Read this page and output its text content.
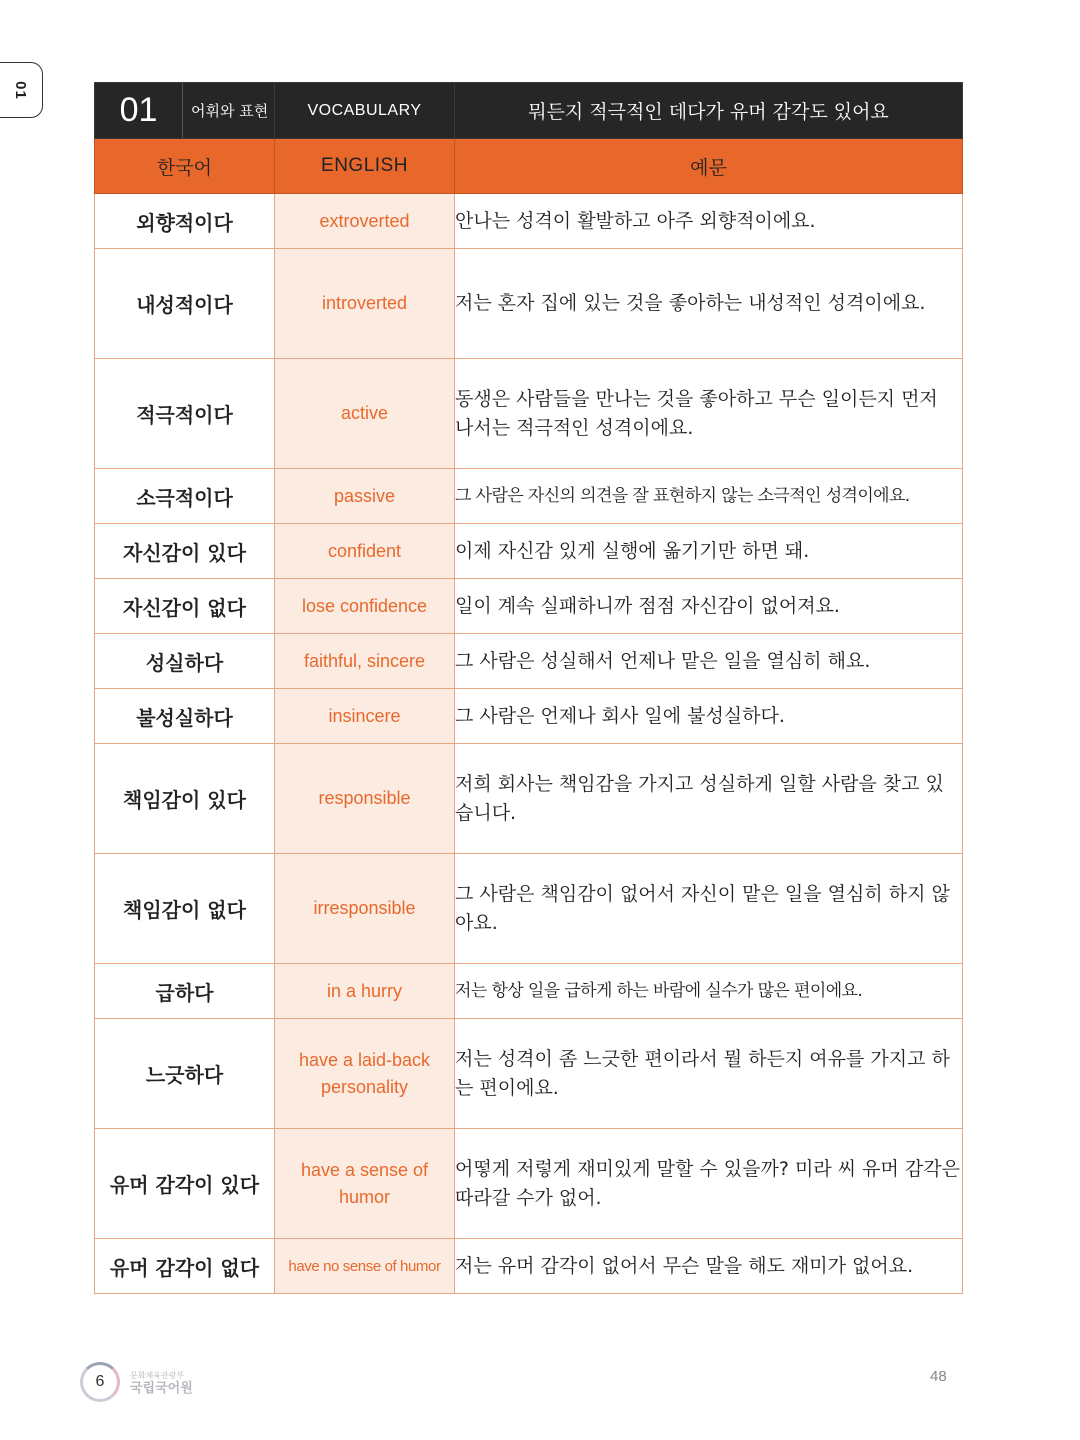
01
01 어휘와 표현	VOCABULARY	뭐든지 적극적인 데다가 유머 감각도 있어요
한국어	ENGLISH	예문
외향적이다	extroverted	안나는 성격이 활발하고 아주 외향적이에요.
내성적이다	introverted	저는 혼자 집에 있는 것을 좋아하는 내성적인 성격이에요.
적극적이다	active	동생은 사람들을 만나는 것을 좋아하고 무슨 일이든지 먼저 나서는 적극적인 성격이에요.
소극적이다	passive	그 사람은 자신의 의견을 잘 표현하지 않는 소극적인 성격이에요.
자신감이 있다	confident	이제 자신감 있게 실행에 옮기기만 하면 돼.
자신감이 없다	lose confidence	일이 계속 실패하니까 점점 자신감이 없어져요.
성실하다	faithful, sincere	그 사람은 성실해서 언제나 맡은 일을 열심히 해요.
불성실하다	insincere	그 사람은 언제나 회사 일에 불성실하다.
책임감이 있다	responsible	저희 회사는 책임감을 가지고 성실하게 일할 사람을 찾고 있습니다.
책임감이 없다	irresponsible	그 사람은 책임감이 없어서 자신이 맡은 일을 열심히 하지 않아요.
급하다	in a hurry	저는 항상 일을 급하게 하는 바람에 실수가 많은 편이에요.
느긋하다	have a laid-back personality	저는 성격이 좀 느긋한 편이라서 뭘 하든지 여유를 가지고 하는 편이에요.
유머 감각이 있다	have a sense of humor	어떻게 저렇게 재미있게 말할 수 있을까? 미라 씨 유머 감각은 따라갈 수가 없어.
유머 감각이 없다	have no sense of humor	저는 유머 감각이 없어서 무슨 말을 해도 재미가 없어요.
6	문화체육관광부
국립국어원
48
